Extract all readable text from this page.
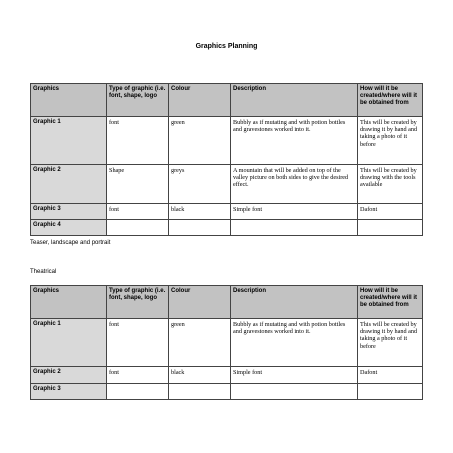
Graphics Planning
Graphics	Type of graphic (i.e. font, shape, logo	Colour	Description	How will it be created/where will it be obtained from
Graphic 1	font	green	Bubbly as if mutating and with potion bottles and gravestones worked into it.	This will be created by drawing it by hand and taking a photo of it before
Graphic 2	Shape	greys	A mountain that will be added on top of the valley picture on both sides to give the desired effect.	This will be created by drawing with the tools available
Graphic 3	font	black	Simple font	Dafont
Graphic 4				
Teaser, landscape and portrait
Theatrical
Graphics	Type of graphic (i.e. font, shape, logo	Colour	Description	How will it be created/where will it be obtained from
Graphic 1	font	green	Bubbly as if mutating and with potion bottles and gravestones worked into it.	This will be created by drawing it by hand and taking a photo of it before
Graphic 2	font	black	Simple font	Dafont
Graphic 3				
